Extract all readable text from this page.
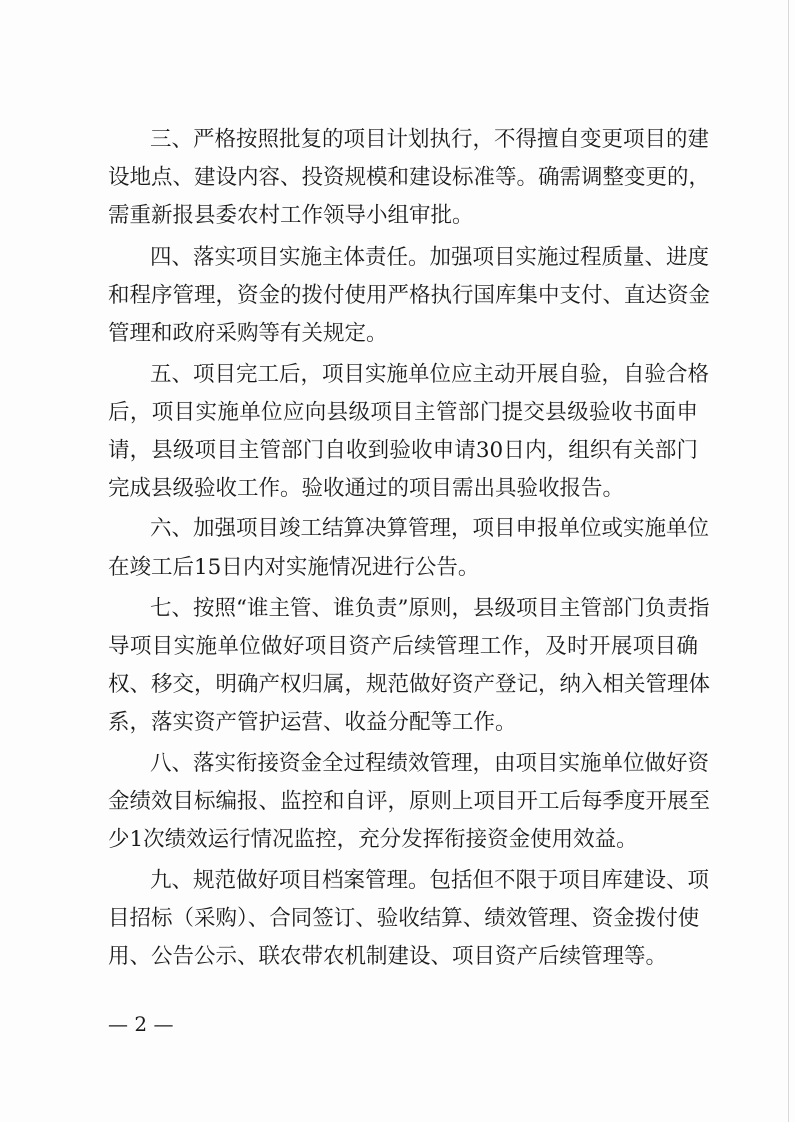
三、严格按照批复的项目计划执行，不得擅自变更项目的建
设地点、建设内容、投资规模和建设标准等。确需调整变更的，
需重新报县委农村工作领导小组审批。
四、落实项目实施主体责任。加强项目实施过程质量、进度
和程序管理，资金的拨付使用严格执行国库集中支付、直达资金
管理和政府采购等有关规定。
五、项目完工后，项目实施单位应主动开展自验，自验合格
后，项目实施单位应向县级项目主管部门提交县级验收书面申
请，县级项目主管部门自收到验收申请30日内，组织有关部门
完成县级验收工作。验收通过的项目需出具验收报告。
六、加强项目竣工结算决算管理，项目申报单位或实施单位
在竣工后15日内对实施情况进行公告。
七、按照“谁主管、谁负责”原则，县级项目主管部门负责指
导项目实施单位做好项目资产后续管理工作，及时开展项目确
权、移交，明确产权归属，规范做好资产登记，纳入相关管理体
系，落实资产管护运营、收益分配等工作。
八、落实衔接资金全过程绩效管理，由项目实施单位做好资
金绩效目标编报、监控和自评，原则上项目开工后每季度开展至
少1次绩效运行情况监控，充分发挥衔接资金使用效益。
九、规范做好项目档案管理。包括但不限于项目库建设、项
目招标（采购）、合同签订、验收结算、绩效管理、资金拨付使
用、公告公示、联农带农机制建设、项目资产后续管理等。
— 2 —
